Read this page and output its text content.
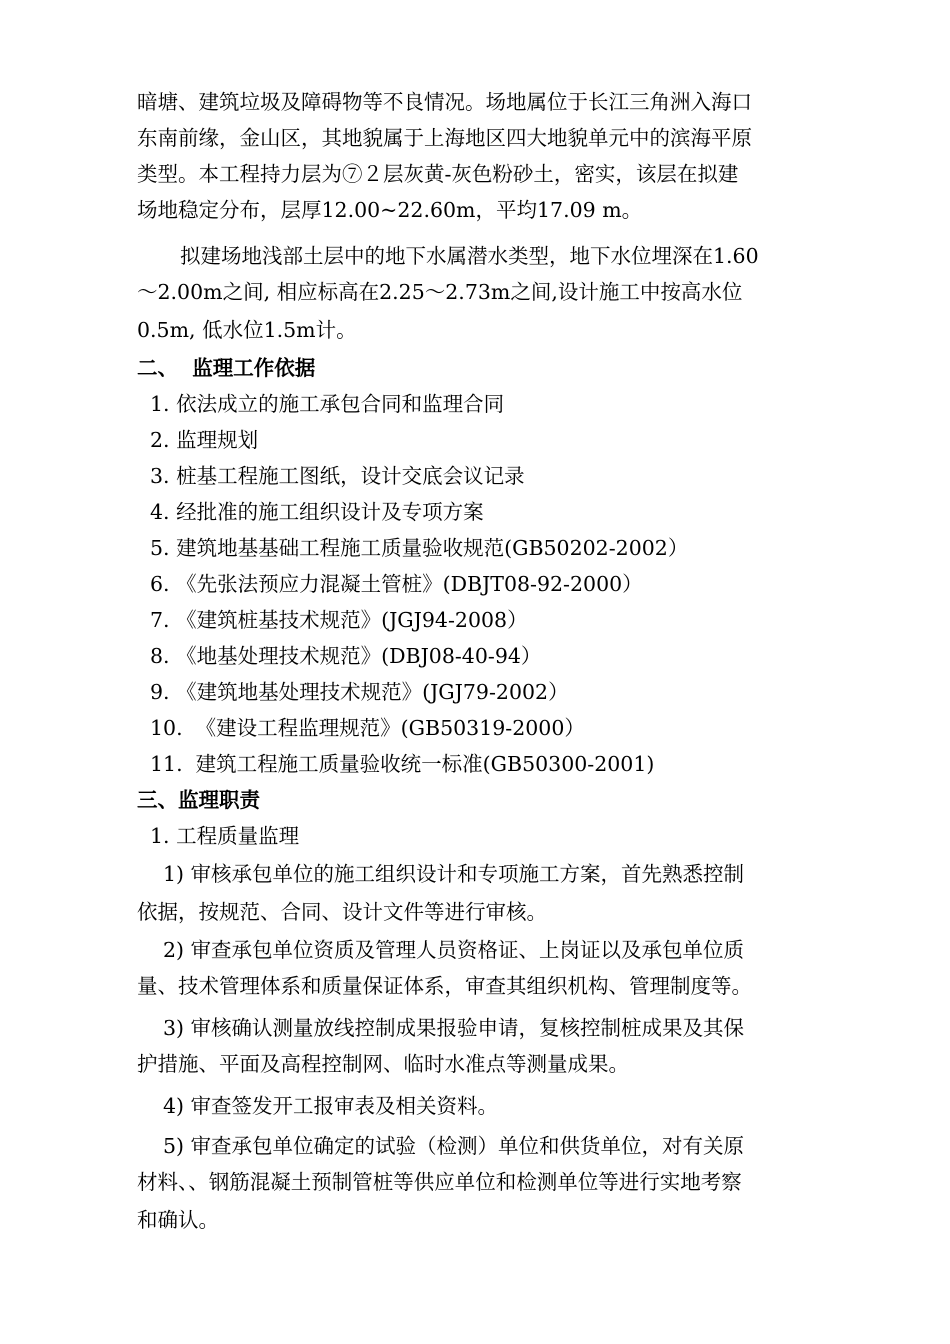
暗塘、建筑垃圾及障碍物等不良情况。场地属位于长江三角洲入海口
东南前缘，金山区，其地貌属于上海地区四大地貌单元中的滨海平原
类型。本工程持力层为⑦２层灰黄-灰色粉砂土，密实，该层在拟建
场地稳定分布，层厚12.00~22.60m，平均17.09 m。
拟建场地浅部土层中的地下水属潜水类型，地下水位埋深在1.60
～2.00m之间, 相应标高在2.25～2.73m之间,设计施工中按高水位
0.5m, 低水位1.5m计。
二、  监理工作依据
1. 依法成立的施工承包合同和监理合同
2. 监理规划
3. 桩基工程施工图纸，设计交底会议记录
4. 经批准的施工组织设计及专项方案
5. 建筑地基基础工程施工质量验收规范(GB50202-2002）
6. 《先张法预应力混凝土管桩》(DBJT08-92-2000）
7. 《建筑桩基技术规范》(JGJ94-2008）
8. 《地基处理技术规范》(DBJ08-40-94）
9. 《建筑地基处理技术规范》(JGJ79-2002）
10.  《建设工程监理规范》(GB50319-2000）
11.  建筑工程施工质量验收统一标准(GB50300-2001)
三、监理职责
1. 工程质量监理
1) 审核承包单位的施工组织设计和专项施工方案，首先熟悉控制
依据，按规范、合同、设计文件等进行审核。
2) 审查承包单位资质及管理人员资格证、上岗证以及承包单位质
量、技术管理体系和质量保证体系，审查其组织机构、管理制度等。
3) 审核确认测量放线控制成果报验申请，复核控制桩成果及其保
护措施、平面及高程控制网、临时水准点等测量成果。
4) 审查签发开工报审表及相关资料。
5) 审查承包单位确定的试验（检测）单位和供货单位，对有关原
材料、、钢筋混凝土预制管桩等供应单位和检测单位等进行实地考察
和确认。
